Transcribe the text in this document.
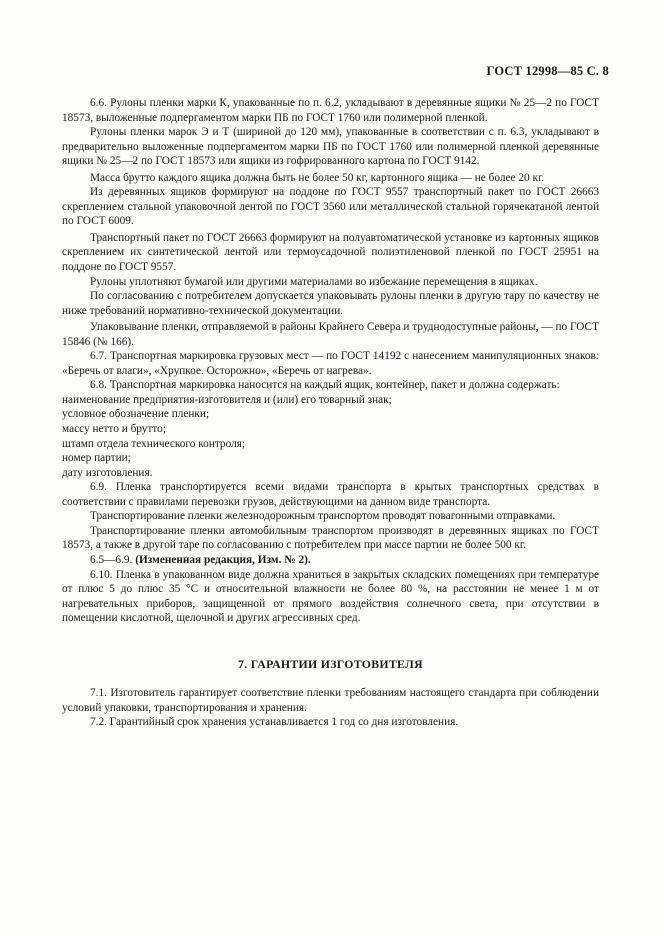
ГОСТ 12998—85 С. 8

6.6. Рулоны пленки марки К, упакованные по п. 6.2, укладывают в деревянные ящики № 25—2 по ГОСТ 18573, выложенные подпергаментом марки ПБ по ГОСТ 1760 или полимерной пленкой.

Рулоны пленки марок Э и Т (шириной до 120 мм), упакованные в соответствии с п. 6.3, укладывают в предварительно выложенные подпергаментом марки ПБ по ГОСТ 1760 или полимерной пленкой деревянные ящики № 25—2 по ГОСТ 18573 или ящики из гофрированного картона по ГОСТ 9142.

Масса брутто каждого ящика должна быть не более 50 кг, картонного ящика — не более 20 кг.

Из деревянных ящиков формируют на поддоне по ГОСТ 9557 транспортный пакет по ГОСТ 26663 скреплением стальной упаковочной лентой по ГОСТ 3560 или металлической стальной горячекатаной лентой по ГОСТ 6009.

Транспортный пакет по ГОСТ 26663 формируют на полуавтоматической установке из картонных ящиков скреплением их синтетической лентой или термоусадочной полиэтиленовой пленкой по ГОСТ 25951 на поддоне по ГОСТ 9557.

Рулоны уплотняют бумагой или другими материалами во избежание перемещения в ящиках.

По согласованию с потребителем допускается упаковывать рулоны пленки в другую тару по качеству не ниже требований нормативно-технической документации.

Упаковывание пленки, отправляемой в районы Крайнего Севера и труднодоступные районы, — по ГОСТ 15846 (№ 166).

6.7. Транспортная маркировка грузовых мест — по ГОСТ 14192 с нанесением манипуляционных знаков: «Беречь от влаги», «Хрупкое. Осторожно», «Беречь от нагрева».

6.8. Транспортная маркировка наносится на каждый ящик, контейнер, пакет и должна содержать:

наименование предприятия-изготовителя и (или) его товарный знак;

условное обозначение пленки;

массу нетто и брутто;

штамп отдела технического контроля;

номер партии;

дату изготовления.

6.9. Пленка транспортируется всеми видами транспорта в крытых транспортных средствах в соответствии с правилами перевозки грузов, действующими на данном виде транспорта.

Транспортирование пленки железнодорожным транспортом проводят повагонными отправками.

Транспортирование пленки автомобильным транспортом производят в деревянных ящиках по ГОСТ 18573, а также в другой таре по согласованию с потребителем при массе партии не более 500 кг.

6.5—6.9. (Измененная редакция, Изм. № 2).

6.10. Пленка в упакованном виде должна храниться в закрытых складских помещениях при температуре от плюс 5 до плюс 35 °С и относительной влажности не более 80 %, на расстоянии не менее 1 м от нагревательных приборов, защищенной от прямого воздействия солнечного света, при отсутствии в помещении кислотной, щелочной и других агрессивных сред.

7. ГАРАНТИИ ИЗГОТОВИТЕЛЯ

7.1. Изготовитель гарантирует соответствие пленки требованиям настоящего стандарта при соблюдении условий упаковки, транспортирования и хранения.

7.2. Гарантийный срок хранения устанавливается 1 год со дня изготовления.
